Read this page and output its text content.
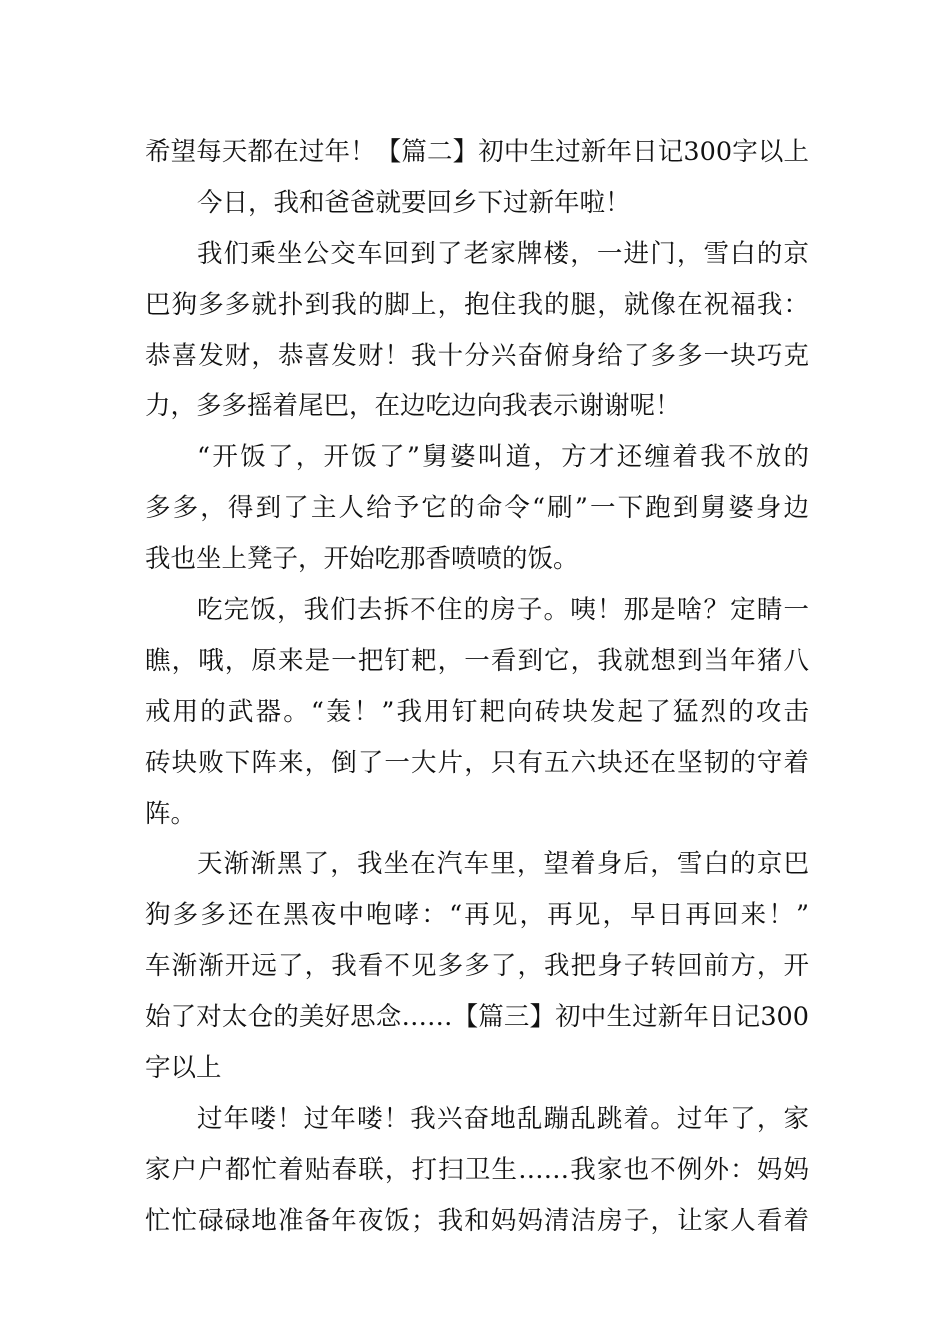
希望每天都在过年！【篇二】初中生过新年日记300字以上
今日，我和爸爸就要回乡下过新年啦！
我们乘坐公交车回到了老家牌楼，一进门，雪白的京
巴狗多多就扑到我的脚上，抱住我的腿，就像在祝福我：
恭喜发财，恭喜发财！我十分兴奋俯身给了多多一块巧克
力，多多摇着尾巴，在边吃边向我表示谢谢呢！
“开饭了，开饭了”舅婆叫道，方才还缠着我不放的
多多，得到了主人给予它的命令“刷”一下跑到舅婆身边
我也坐上凳子，开始吃那香喷喷的饭。
吃完饭，我们去拆不住的房子。咦！那是啥？定睛一
瞧，哦，原来是一把钉耙，一看到它，我就想到当年猪八
戒用的武器。“轰！”我用钉耙向砖块发起了猛烈的攻击
砖块败下阵来，倒了一大片，只有五六块还在坚韧的守着
阵。
天渐渐黑了，我坐在汽车里，望着身后，雪白的京巴
狗多多还在黑夜中咆哮：“再见，再见，早日再回来！”
车渐渐开远了，我看不见多多了，我把身子转回前方，开
始了对太仓的美好思念……【篇三】初中生过新年日记300
字以上
过年喽！过年喽！我兴奋地乱蹦乱跳着。过年了，家
家户户都忙着贴春联，打扫卫生……我家也不例外：妈妈
忙忙碌碌地准备年夜饭；我和妈妈清洁房子，让家人看着
